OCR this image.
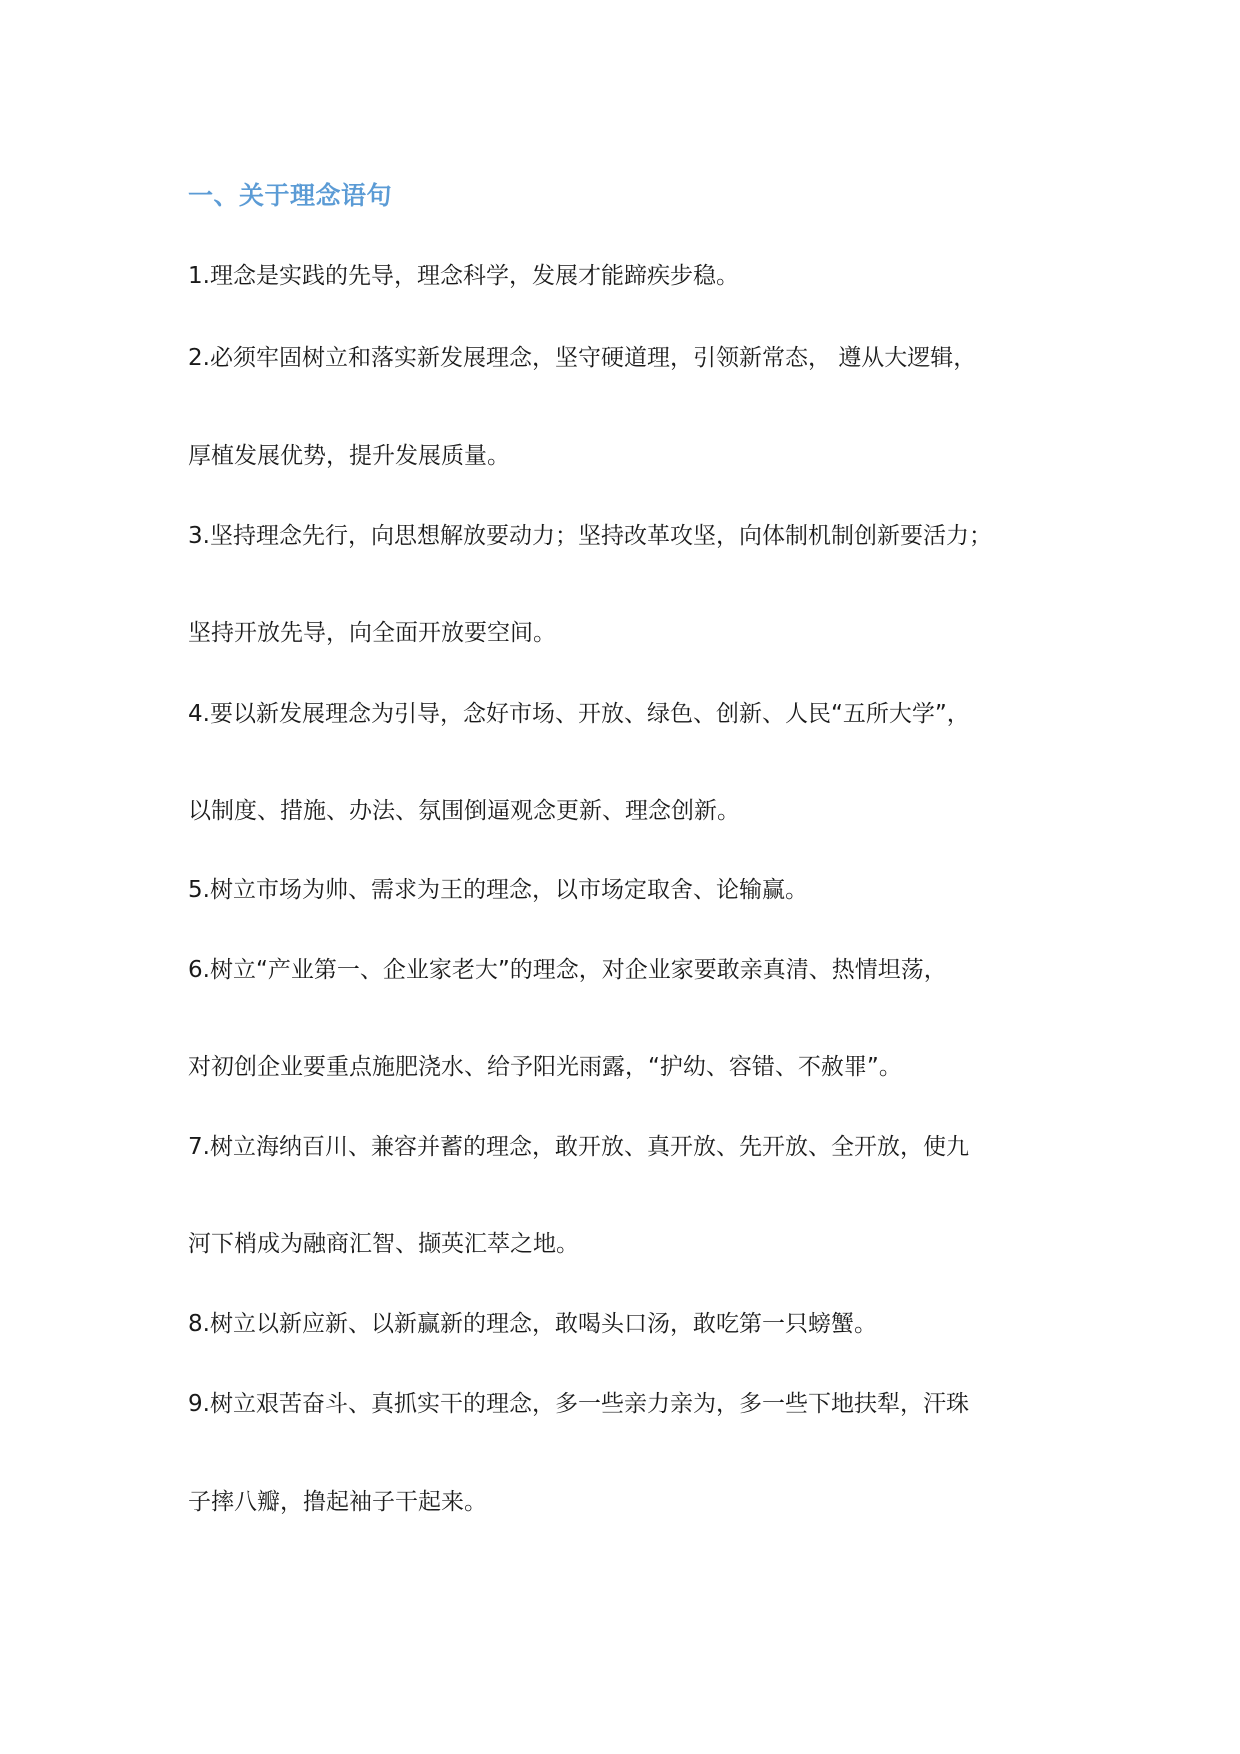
一、关于理念语句
1.理念是实践的先导，理念科学，发展才能蹄疾步稳。
2.必须牢固树立和落实新发展理念，坚守硬道理，引领新常态， 遵从大逻辑，
厚植发展优势，提升发展质量。
3.坚持理念先行，向思想解放要动力；坚持改革攻坚，向体制机制创新要活力；
坚持开放先导，向全面开放要空间。
4.要以新发展理念为引导，念好市场、开放、绿色、创新、人民“五所大学”，
以制度、措施、办法、氛围倒逼观念更新、理念创新。
5.树立市场为帅、需求为王的理念，以市场定取舍、论输赢。
6.树立“产业第一、企业家老大”的理念，对企业家要敢亲真清、热情坦荡，
对初创企业要重点施肥浇水、给予阳光雨露，“护幼、容错、不赦罪”。
7.树立海纳百川、兼容并蓄的理念，敢开放、真开放、先开放、全开放，使九
河下梢成为融商汇智、撷英汇萃之地。
8.树立以新应新、以新赢新的理念，敢喝头口汤，敢吃第一只螃蟹。
9.树立艰苦奋斗、真抓实干的理念，多一些亲力亲为，多一些下地扶犁，汗珠
子摔八瓣，撸起袖子干起来。
